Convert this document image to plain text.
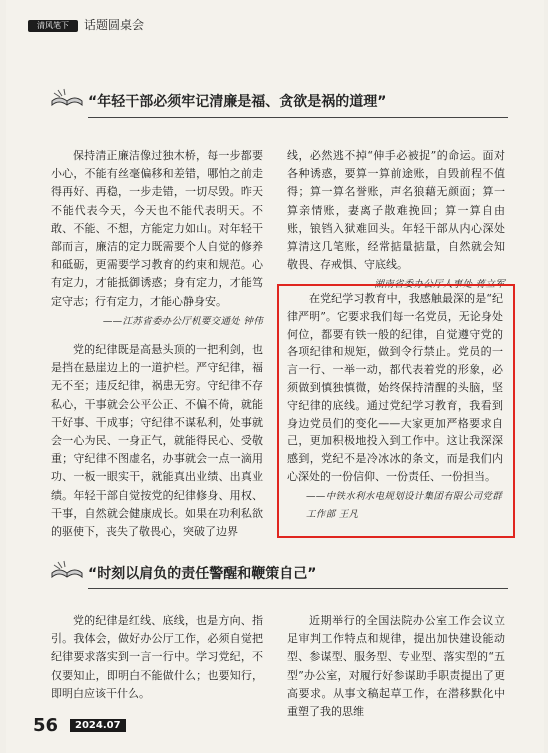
清风笔下	话题圆桌会
“年轻干部必须牢记清廉是福、贪欲是祸的道理”

保持清正廉洁像过独木桥，每一步都要小心，不能有丝毫偏移和差错，哪怕之前走得再好、再稳，一步走错，一切尽毁。昨天不能代表今天，今天也不能代表明天。不敢、不能、不想，方能定力如山。对年轻干部而言，廉洁的定力既需要个人自觉的修养和砥砺，更需要学习教育的约束和规范。心有定力，才能抵御诱惑；身有定力，才能笃定守志；行有定力，才能心静身安。

——江苏省委办公厅机要交通处 钟伟

党的纪律既是高悬头顶的一把利剑，也是挡在悬崖边上的一道护栏。严守纪律，福无不至；违反纪律，祸患无穷。守纪律不存私心，干事就会公平公正、不偏不倚，就能干好事、干成事；守纪律不谋私利，处事就会一心为民、一身正气，就能得民心、受敬重；守纪律不图虚名，办事就会一点一滴用功、一板一眼实干，就能真出业绩、出真业绩。年轻干部自觉按党的纪律修身、用权、干事，自然就会健康成长。如果在功利私欲的驱使下，丧失了敬畏心，突破了边界

线，必然逃不掉“伸手必被捉”的命运。面对各种诱惑，要算一算前途账，自毁前程不值得；算一算名誉账，声名狼藉无颜面；算一算亲情账，妻离子散难挽回；算一算自由账，锒铛入狱难回头。年轻干部从内心深处算清这几笔账，经常掂量掂量，自然就会知敬畏、存戒惧、守底线。

——湖南省委办公厅人事处 蒋立军

在党纪学习教育中，我感触最深的是“纪律严明”。它要求我们每一名党员，无论身处何位，都要有铁一般的纪律，自觉遵守党的各项纪律和规矩，做到令行禁止。党员的一言一行、一举一动，都代表着党的形象，必须做到慎独慎微，始终保持清醒的头脑，坚守纪律的底线。通过党纪学习教育，我看到身边党员们的变化——大家更加严格要求自己，更加积极地投入到工作中。这让我深深感到，党纪不是冷冰冰的条文，而是我们内心深处的一份信仰、一份责任、一份担当。

——中铁水利水电规划设计集团有限公司党群工作部 王凡

“时刻以肩负的责任警醒和鞭策自己”

党的纪律是红线、底线，也是方向、指引。我体会，做好办公厅工作，必须自觉把纪律要求落实到一言一行中。学习党纪，不仅要知止，即明白不能做什么；也要知行，即明白应该干什么。

近期举行的全国法院办公室工作会议立足审判工作特点和规律，提出加快建设能动型、参谋型、服务型、专业型、落实型的“五型”办公室，对履行好参谋助手职责提出了更高要求。从事文稿起草工作，在潜移默化中重塑了我的思维

56	2024.07
